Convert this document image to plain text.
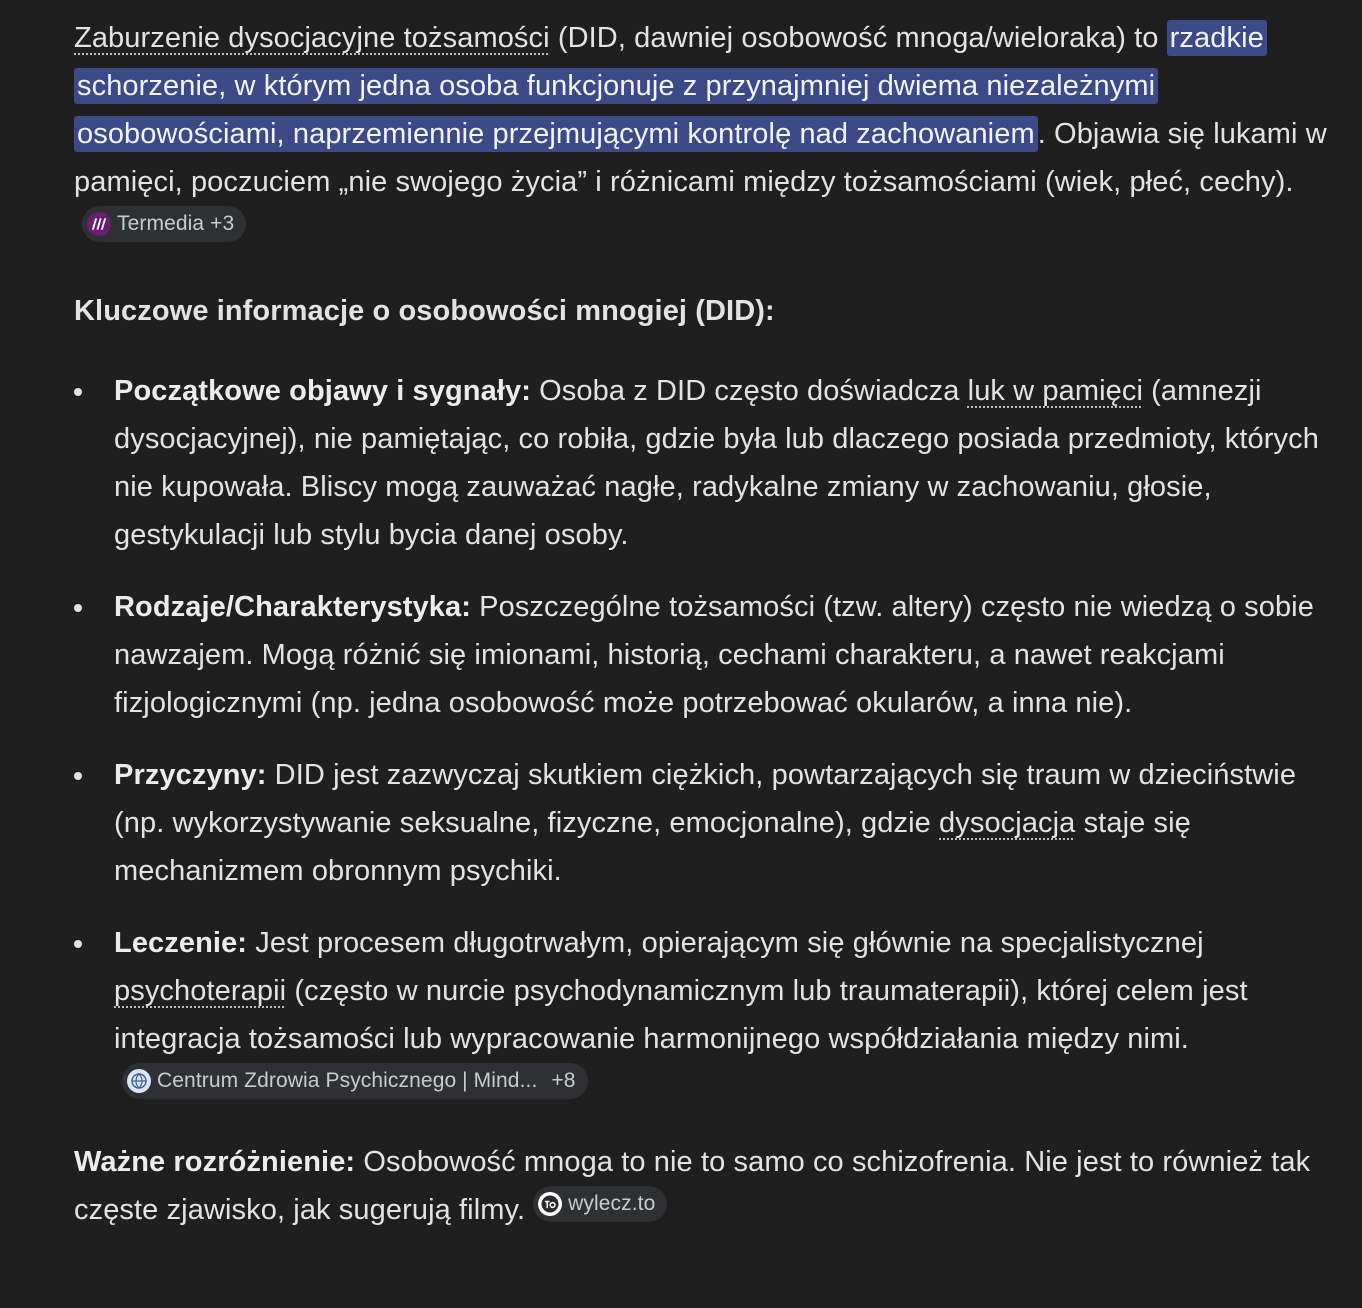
Zaburzenie dysocjacyjne tożsamości (DID, dawniej osobowość mnoga/wieloraka) to rzadkie schorzenie, w którym jedna osoba funkcjonuje z przynajmniej dwiema niezależnymi osobowościami, naprzemiennie przejmującymi kontrolę nad zachowaniem . Objawia się lukami w pamięci, poczuciem „nie swojego życia” i różnicami między tożsamościami (wiek, płeć, cechy).
Termedia +3

Kluczowe informacje o osobowości mnogiej (DID):

Początkowe objawy i sygnały: Osoba z DID często doświadcza luk w pamięci (amnezji dysocjacyjnej), nie pamiętając, co robiła, gdzie była lub dlaczego posiada przedmioty, których nie kupowała. Bliscy mogą zauważać nagłe, radykalne zmiany w zachowaniu, głosie, gestykulacji lub stylu bycia danej osoby.
Rodzaje/Charakterystyka: Poszczególne tożsamości (tzw. altery) często nie wiedzą o sobie nawzajem. Mogą różnić się imionami, historią, cechami charakteru, a nawet reakcjami fizjologicznymi (np. jedna osobowość może potrzebować okularów, a inna nie).
Przyczyny: DID jest zazwyczaj skutkiem ciężkich, powtarzających się traum w dzieciństwie (np. wykorzystywanie seksualne, fizyczne, emocjonalne), gdzie dysocjacja staje się mechanizmem obronnym psychiki.
Leczenie: Jest procesem długotrwałym, opierającym się głównie na specjalistycznej psychoterapii (często w nurcie psychodynamicznym lub traumaterapii), której celem jest integracja tożsamości lub wypracowanie harmonijnego współdziałania między nimi.
Centrum Zdrowia Psychicznego | Mind... +8

Ważne rozróżnienie: Osobowość mnoga to nie to samo co schizofrenia. Nie jest to również tak częste zjawisko, jak sugerują filmy. wylecz.to
